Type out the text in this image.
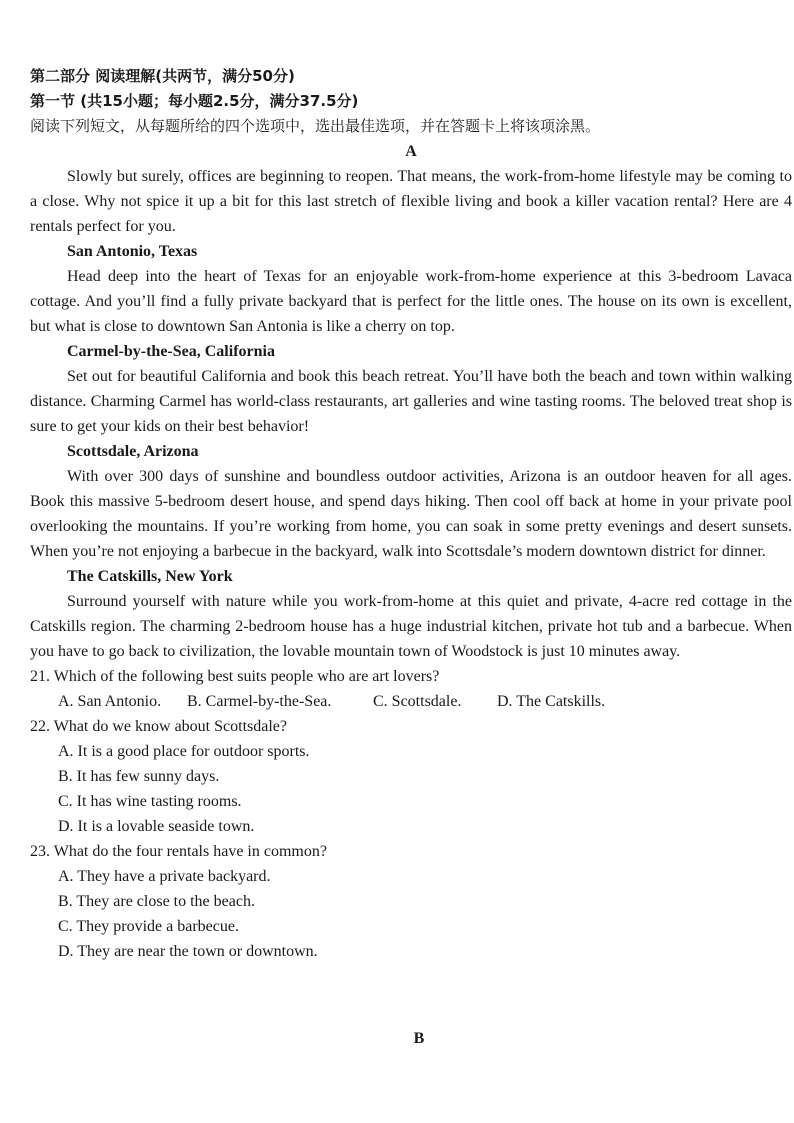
第二部分 阅读理解(共两节，满分50分)
第一节 (共15小题；每小题2.5分，满分37.5分)
阅读下列短文，从每题所给的四个选项中，选出最佳选项，并在答题卡上将该项涂黑。
A

Slowly but surely, offices are beginning to reopen. That means, the work-from-home lifestyle may be coming to a close. Why not spice it up a bit for this last stretch of flexible living and book a killer vacation rental? Here are 4 rentals perfect for you.

San Antonio, Texas

Head deep into the heart of Texas for an enjoyable work-from-home experience at this 3-bedroom Lavaca cottage. And you’ll find a fully private backyard that is perfect for the little ones. The house on its own is excellent, but what is close to downtown San Antonia is like a cherry on top.

Carmel-by-the-Sea, California

Set out for beautiful California and book this beach retreat. You’ll have both the beach and town within walking distance. Charming Carmel has world-class restaurants, art galleries and wine tasting rooms. The beloved treat shop is sure to get your kids on their best behavior!

Scottsdale, Arizona

With over 300 days of sunshine and boundless outdoor activities, Arizona is an outdoor heaven for all ages. Book this massive 5-bedroom desert house, and spend days hiking. Then cool off back at home in your private pool overlooking the mountains. If you’re working from home, you can soak in some pretty evenings and desert sunsets. When you’re not enjoying a barbecue in the backyard, walk into Scottsdale’s modern downtown district for dinner.

The Catskills, New York

Surround yourself with nature while you work-from-home at this quiet and private, 4-acre red cottage in the Catskills region. The charming 2-bedroom house has a huge industrial kitchen, private hot tub and a barbecue. When you have to go back to civilization, the lovable mountain town of Woodstock is just 10 minutes away.

21. Which of the following best suits people who are art lovers?
A. San Antonio.	B. Carmel-by-the-Sea.	C. Scottsdale.	D. The Catskills.
22. What do we know about Scottsdale?
A. It is a good place for outdoor sports.
B. It has few sunny days.
C. It has wine tasting rooms.
D. It is a lovable seaside town.
23. What do the four rentals have in common?
A. They have a private backyard.
B. They are close to the beach.
C. They provide a barbecue.
D. They are near the town or downtown.
B
